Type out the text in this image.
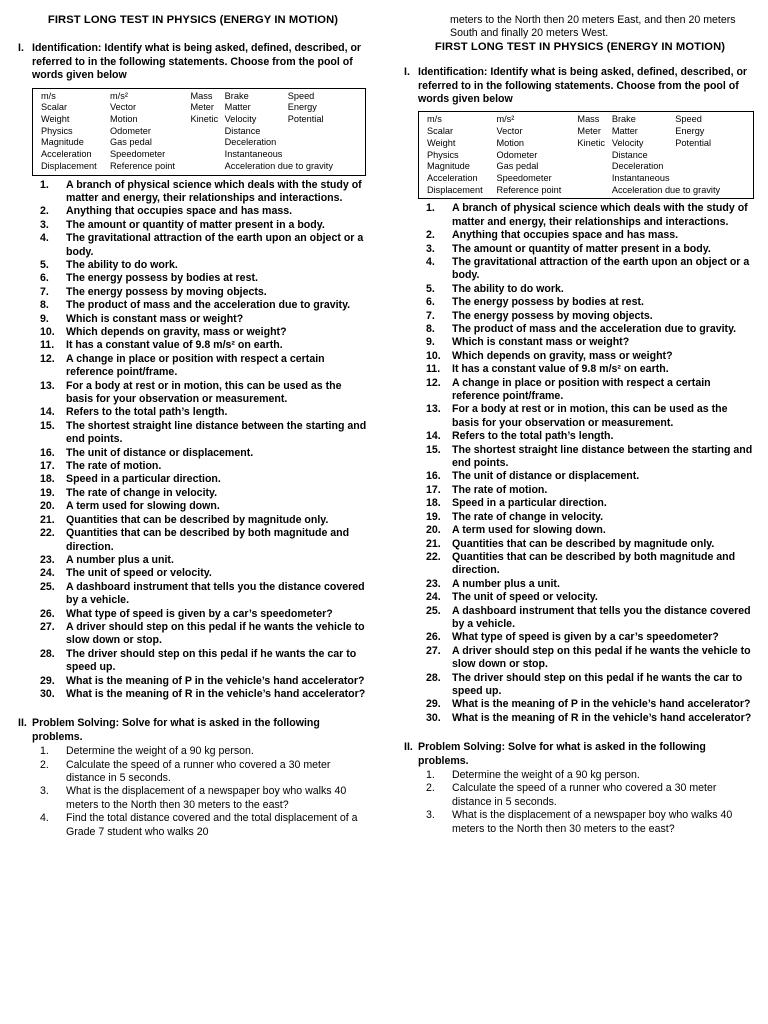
FIRST LONG TEST IN PHYSICS (ENERGY IN MOTION)
I. Identification: Identify what is being asked, defined, described, or referred to in the following statements. Choose from the pool of words given below
m/s	m/s²	Mass	Brake	Speed
Scalar	Vector	Meter	Matter	Energy
Weight	Motion	Kinetic	Velocity	Potential
Physics	Odometer		Distance	
Magnitude	Gas pedal		Deceleration	
Acceleration	Speedometer		Instantaneous	
Displacement	Reference point		Acceleration due to gravity	
1.	A branch of physical science which deals with the study of matter and energy, their relationships and interactions.
2.	Anything that occupies space and has mass.
3.	The amount or quantity of matter present in a body.
4.	The gravitational attraction of the earth upon an object or a body.
5.	The ability to do work.
6.	The energy possess by bodies at rest.
7.	The energy possess by moving objects.
8.	The product of mass and the acceleration due to gravity.
9.	Which is constant mass or weight?
10.	Which depends on gravity, mass or weight?
11.	It has a constant value of 9.8 m/s² on earth.
12.	A change in place or position with respect a certain reference point/frame.
13.	For a body at rest or in motion, this can be used as the basis for your observation or measurement.
14.	Refers to the total path’s length.
15.	The shortest straight line distance between the starting and end points.
16.	The unit of distance or displacement.
17.	The rate of motion.
18.	Speed in a particular direction.
19.	The rate of change in velocity.
20.	A term used for slowing down.
21.	Quantities that can be described by magnitude only.
22.	Quantities that can be described by both magnitude and direction.
23.	A number plus a unit.
24.	The unit of speed or velocity.
25.	A dashboard instrument that tells you the distance covered by a vehicle.
26.	What type of speed is given by a car’s speedometer?
27.	A driver should step on this pedal if he wants the vehicle to slow down or stop.
28.	The driver should step on this pedal if he wants the car to speed up.
29.	What is the meaning of P in the vehicle’s hand accelerator?
30.	What is the meaning of R in the vehicle’s hand accelerator?
II. Problem Solving: Solve for what is asked in the following problems.
1. Determine the weight of a 90 kg person.
2. Calculate the speed of a runner who covered a 30 meter distance in 5 seconds.
3. What is the displacement of a newspaper boy who walks 40 meters to the North then 30 meters to the east?
4. Find the total distance covered and the total displacement of a Grade 7 student who walks 20
meters to the North then 20 meters East, and then 20 meters South and finally 20 meters West.
FIRST LONG TEST IN PHYSICS (ENERGY IN MOTION)
I. Identification: Identify what is being asked, defined, described, or referred to in the following statements. Choose from the pool of words given below
m/s	m/s²	Mass	Brake	Speed
Scalar	Vector	Meter	Matter	Energy
Weight	Motion	Kinetic	Velocity	Potential
Physics	Odometer		Distance	
Magnitude	Gas pedal		Deceleration	
Acceleration	Speedometer		Instantaneous	
Displacement	Reference point		Acceleration due to gravity	
1.	A branch of physical science which deals with the study of matter and energy, their relationships and interactions.
2.	Anything that occupies space and has mass.
3.	The amount or quantity of matter present in a body.
4.	The gravitational attraction of the earth upon an object or a body.
5.	The ability to do work.
6.	The energy possess by bodies at rest.
7.	The energy possess by moving objects.
8.	The product of mass and the acceleration due to gravity.
9.	Which is constant mass or weight?
10.	Which depends on gravity, mass or weight?
11.	It has a constant value of 9.8 m/s² on earth.
12.	A change in place or position with respect a certain reference point/frame.
13.	For a body at rest or in motion, this can be used as the basis for your observation or measurement.
14.	Refers to the total path’s length.
15.	The shortest straight line distance between the starting and end points.
16.	The unit of distance or displacement.
17.	The rate of motion.
18.	Speed in a particular direction.
19.	The rate of change in velocity.
20.	A term used for slowing down.
21.	Quantities that can be described by magnitude only.
22.	Quantities that can be described by both magnitude and direction.
23.	A number plus a unit.
24.	The unit of speed or velocity.
25.	A dashboard instrument that tells you the distance covered by a vehicle.
26.	What type of speed is given by a car’s speedometer?
27.	A driver should step on this pedal if he wants the vehicle to slow down or stop.
28.	The driver should step on this pedal if he wants the car to speed up.
29.	What is the meaning of P in the vehicle’s hand accelerator?
30.	What is the meaning of R in the vehicle’s hand accelerator?
II. Problem Solving: Solve for what is asked in the following problems.
1. Determine the weight of a 90 kg person.
2. Calculate the speed of a runner who covered a 30 meter distance in 5 seconds.
3. What is the displacement of a newspaper boy who walks 40 meters to the North then 30 meters to the east?
